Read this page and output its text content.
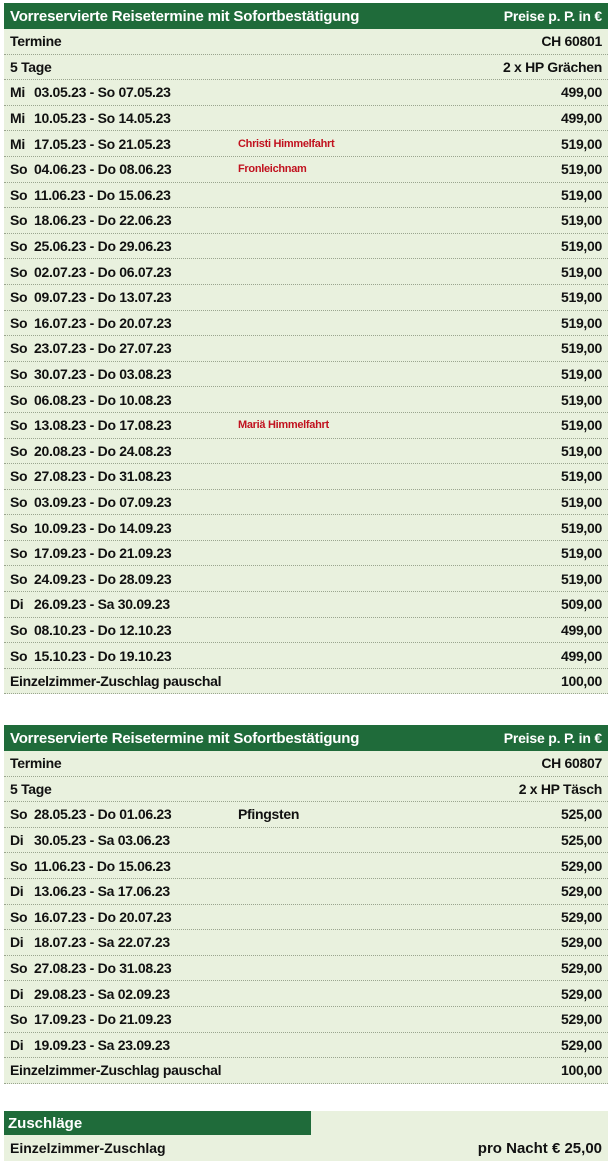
Vorreservierte Reisetermine mit Sofortbestätigung	Preise p. P. in €
Termine	CH 60801
5 Tage	2 x HP Grächen
Mi 03.05.23 - So 07.05.23	499,00
Mi 10.05.23 - So 14.05.23	499,00
Mi 17.05.23 - So 21.05.23	Christi Himmelfahrt	519,00
So 04.06.23 - Do 08.06.23	Fronleichnam	519,00
So 11.06.23 - Do 15.06.23	519,00
So 18.06.23 - Do 22.06.23	519,00
So 25.06.23 - Do 29.06.23	519,00
So 02.07.23 - Do 06.07.23	519,00
So 09.07.23 - Do 13.07.23	519,00
So 16.07.23 - Do 20.07.23	519,00
So 23.07.23 - Do 27.07.23	519,00
So 30.07.23 - Do 03.08.23	519,00
So 06.08.23 - Do 10.08.23	519,00
So 13.08.23 - Do 17.08.23	Mariä Himmelfahrt	519,00
So 20.08.23 - Do 24.08.23	519,00
So 27.08.23 - Do 31.08.23	519,00
So 03.09.23 - Do 07.09.23	519,00
So 10.09.23 - Do 14.09.23	519,00
So 17.09.23 - Do 21.09.23	519,00
So 24.09.23 - Do 28.09.23	519,00
Di 26.09.23 - Sa 30.09.23	509,00
So 08.10.23 - Do 12.10.23	499,00
So 15.10.23 - Do 19.10.23	499,00
Einzelzimmer-Zuschlag pauschal	100,00
Vorreservierte Reisetermine mit Sofortbestätigung	Preise p. P. in €
Termine	CH 60807
5 Tage	2 x HP Täsch
So 28.05.23 - Do 01.06.23	Pfingsten	525,00
Di 30.05.23 - Sa 03.06.23	525,00
So 11.06.23 - Do 15.06.23	529,00
Di 13.06.23 - Sa 17.06.23	529,00
So 16.07.23 - Do 20.07.23	529,00
Di 18.07.23 - Sa 22.07.23	529,00
So 27.08.23 - Do 31.08.23	529,00
Di 29.08.23 - Sa 02.09.23	529,00
So 17.09.23 - Do 21.09.23	529,00
Di 19.09.23 - Sa 23.09.23	529,00
Einzelzimmer-Zuschlag pauschal	100,00
Zuschläge
Einzelzimmer-Zuschlag	pro Nacht € 25,00
